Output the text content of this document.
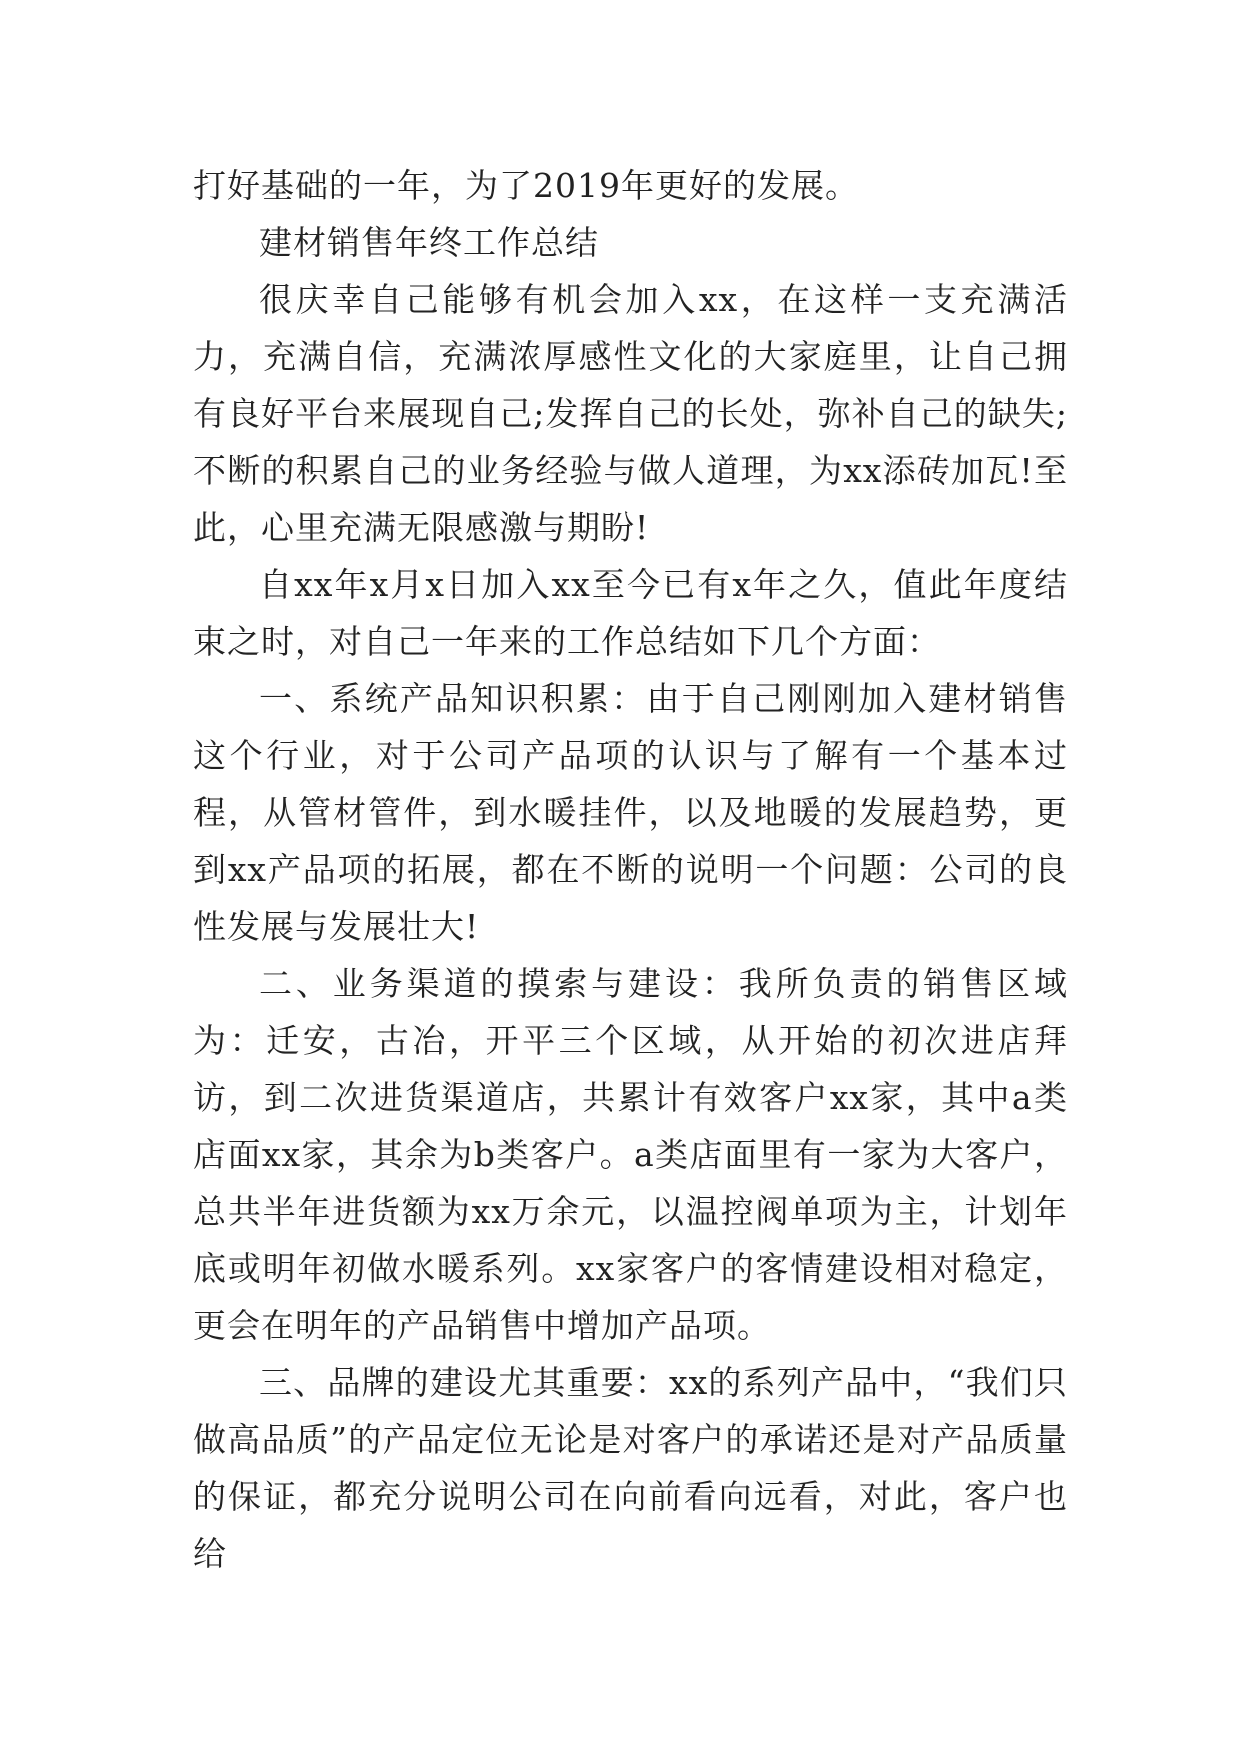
打好基础的一年，为了2019年更好的发展。

建材销售年终工作总结

很庆幸自己能够有机会加入xx，在这样一支充满活力，充满自信，充满浓厚感性文化的大家庭里，让自己拥有良好平台来展现自己;发挥自己的长处，弥补自己的缺失;不断的积累自己的业务经验与做人道理，为xx添砖加瓦!至此，心里充满无限感激与期盼!

自xx年x月x日加入xx至今已有x年之久，值此年度结束之时，对自己一年来的工作总结如下几个方面：

一、系统产品知识积累：由于自己刚刚加入建材销售这个行业，对于公司产品项的认识与了解有一个基本过程，从管材管件，到水暖挂件，以及地暖的发展趋势，更到xx产品项的拓展，都在不断的说明一个问题：公司的良性发展与发展壮大!

二、业务渠道的摸索与建设：我所负责的销售区域为：迁安，古冶，开平三个区域，从开始的初次进店拜访，到二次进货渠道店，共累计有效客户xx家，其中a类店面xx家，其余为b类客户。a类店面里有一家为大客户，总共半年进货额为xx万余元，以温控阀单项为主，计划年底或明年初做水暖系列。xx家客户的客情建设相对稳定，更会在明年的产品销售中增加产品项。

三、品牌的建设尤其重要：xx的系列产品中，“我们只做高品质”的产品定位无论是对客户的承诺还是对产品质量的保证，都充分说明公司在向前看向远看，对此，客户也给
